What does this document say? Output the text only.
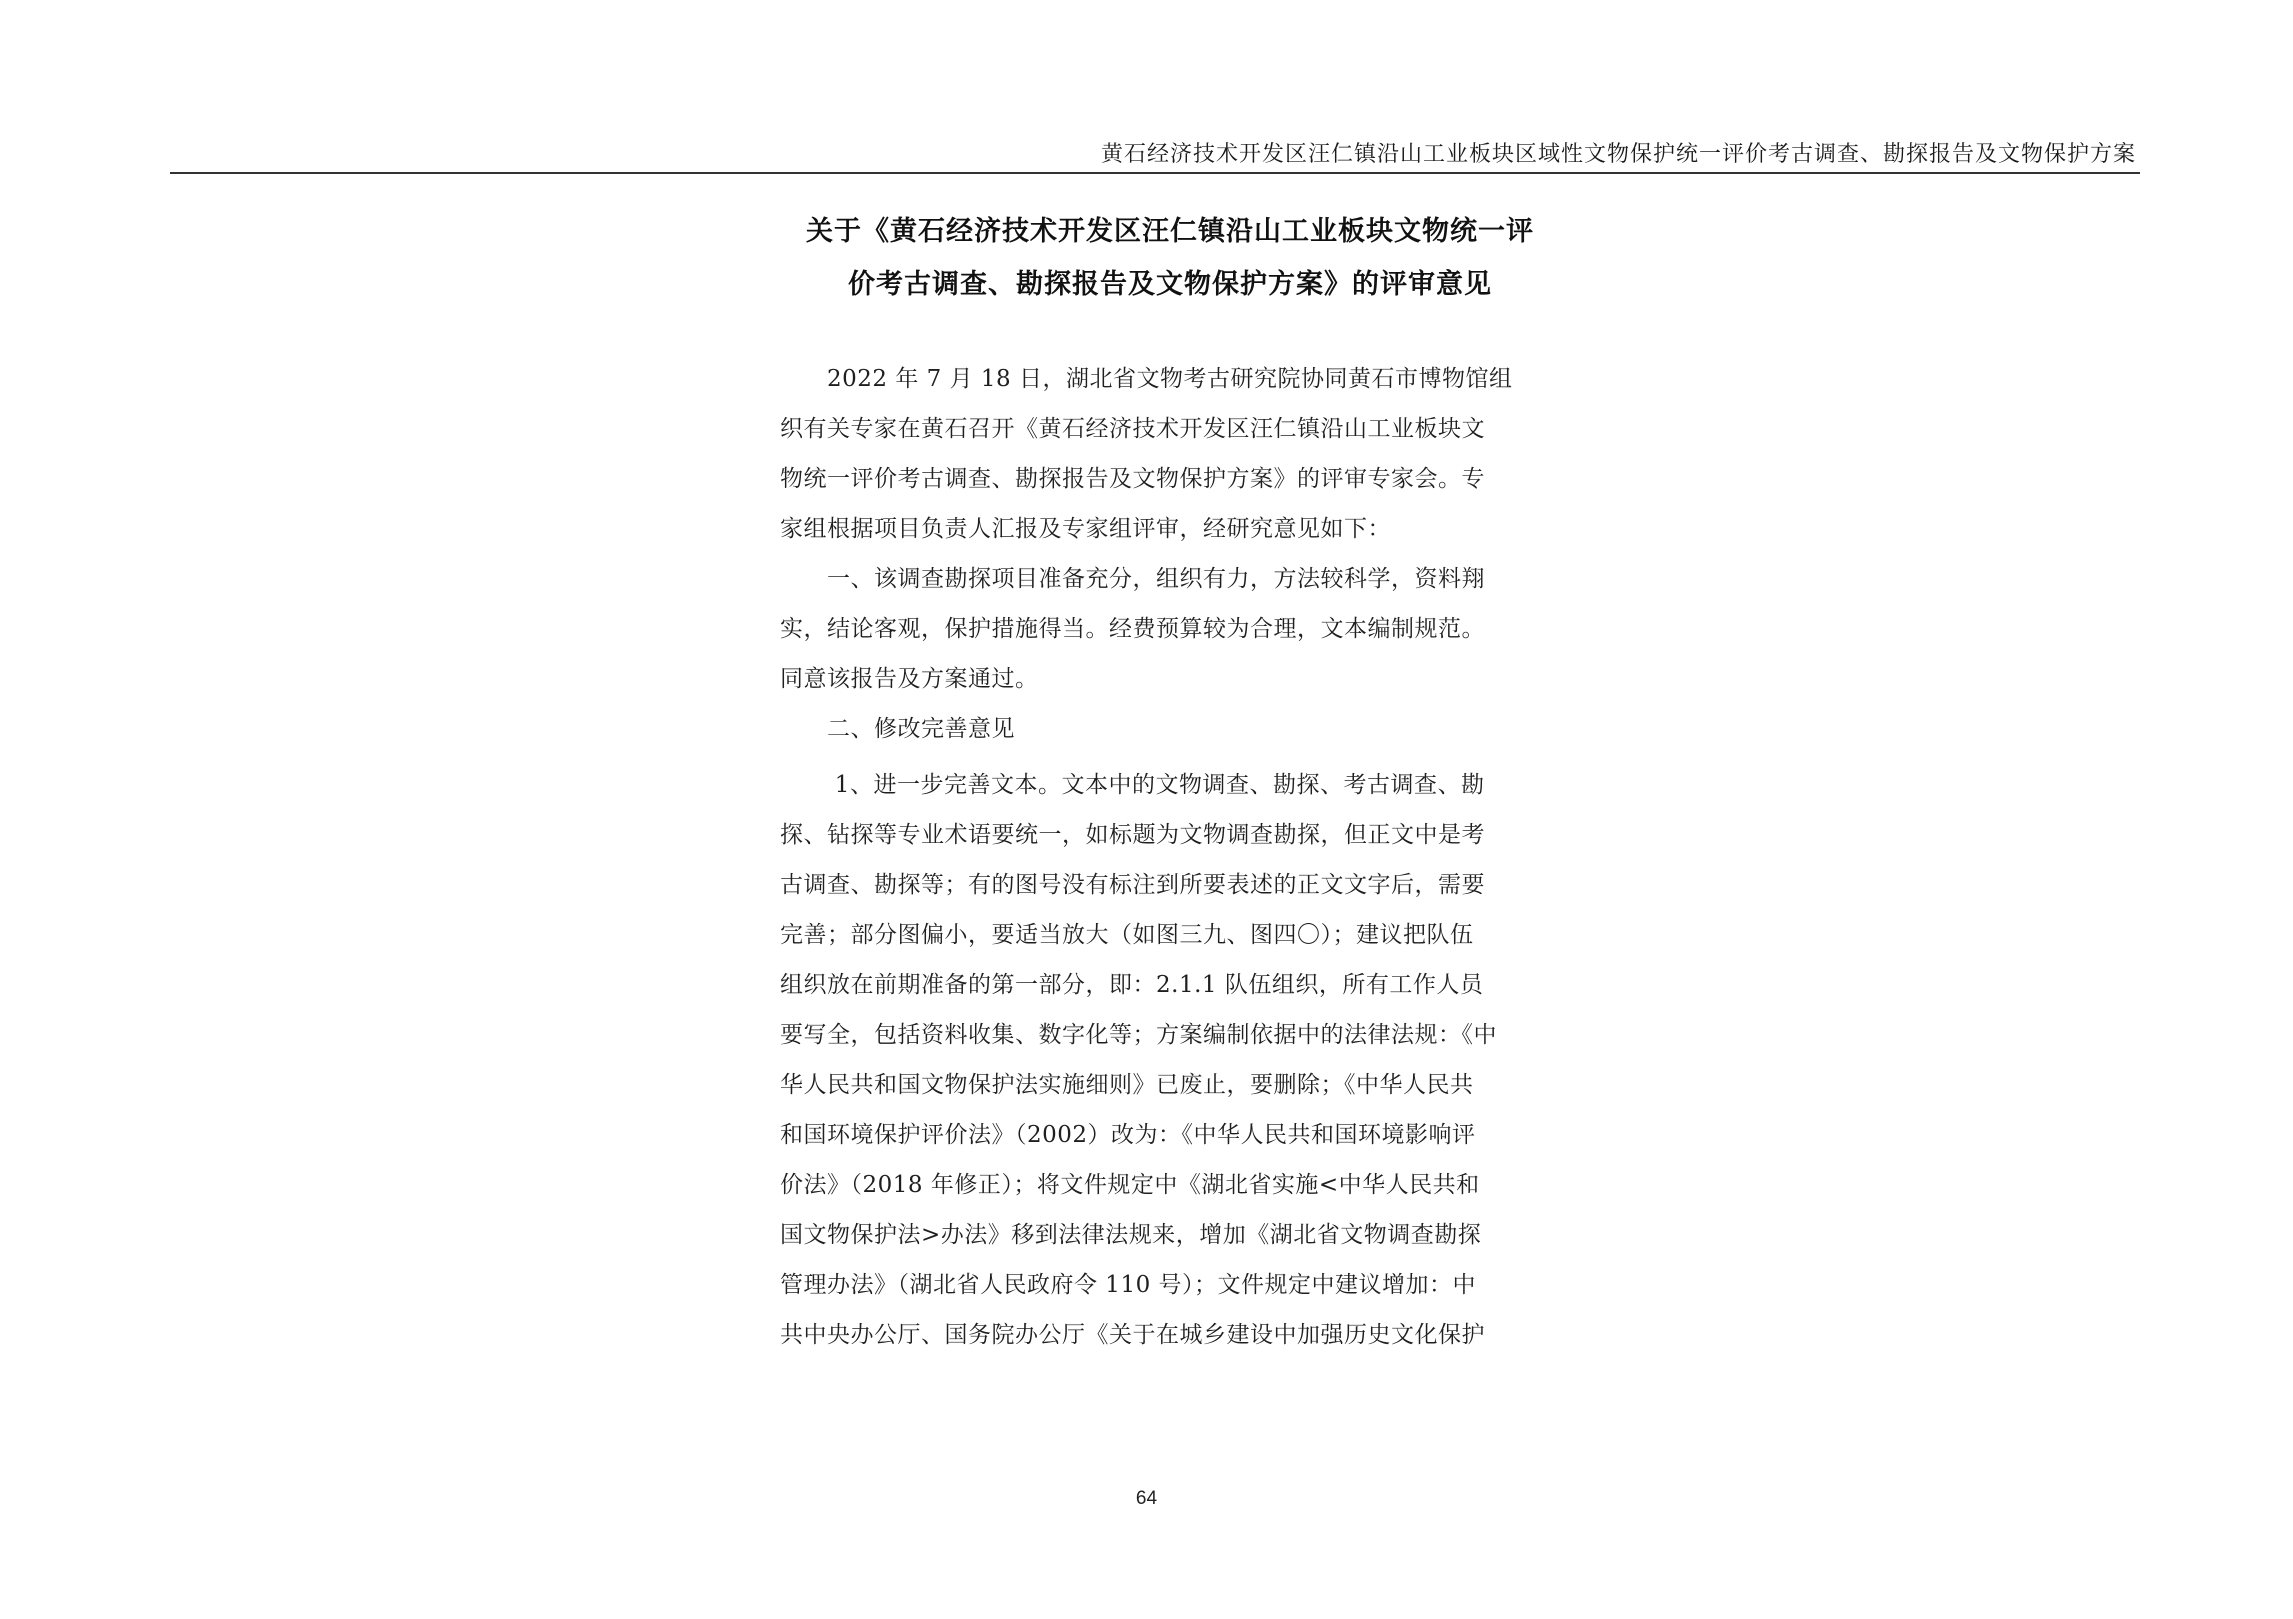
黄石经济技术开发区汪仁镇沿山工业板块区域性文物保护统一评价考古调查、勘探报告及文物保护方案
关于《黄石经济技术开发区汪仁镇沿山工业板块文物统一评
价考古调查、勘探报告及文物保护方案》的评审意见

　　2022 年 7 月 18 日，湖北省文物考古研究院协同黄石市博物馆组
织有关专家在黄石召开《黄石经济技术开发区汪仁镇沿山工业板块文
物统一评价考古调查、勘探报告及文物保护方案》的评审专家会。专
家组根据项目负责人汇报及专家组评审，经研究意见如下：

　　一、该调查勘探项目准备充分，组织有力，方法较科学，资料翔
实，结论客观，保护措施得当。经费预算较为合理，文本编制规范。
同意该报告及方案通过。

　　二、修改完善意见

　　 1、进一步完善文本。文本中的文物调查、勘探、考古调查、勘
探、钻探等专业术语要统一，如标题为文物调查勘探，但正文中是考
古调查、勘探等；有的图号没有标注到所要表述的正文文字后，需要
完善；部分图偏小，要适当放大（如图三九、图四〇）；建议把队伍
组织放在前期准备的第一部分，即：2.1.1 队伍组织，所有工作人员
要写全，包括资料收集、数字化等；方案编制依据中的法律法规：《中
华人民共和国文物保护法实施细则》已废止，要删除；《中华人民共
和国环境保护评价法》（2002）改为：《中华人民共和国环境影响评
价法》（2018 年修正）；将文件规定中《湖北省实施<中华人民共和
国文物保护法>办法》移到法律法规来，增加《湖北省文物调查勘探
管理办法》（湖北省人民政府令 110 号）；文件规定中建议增加：中
共中央办公厅、国务院办公厅《关于在城乡建设中加强历史文化保护

64
